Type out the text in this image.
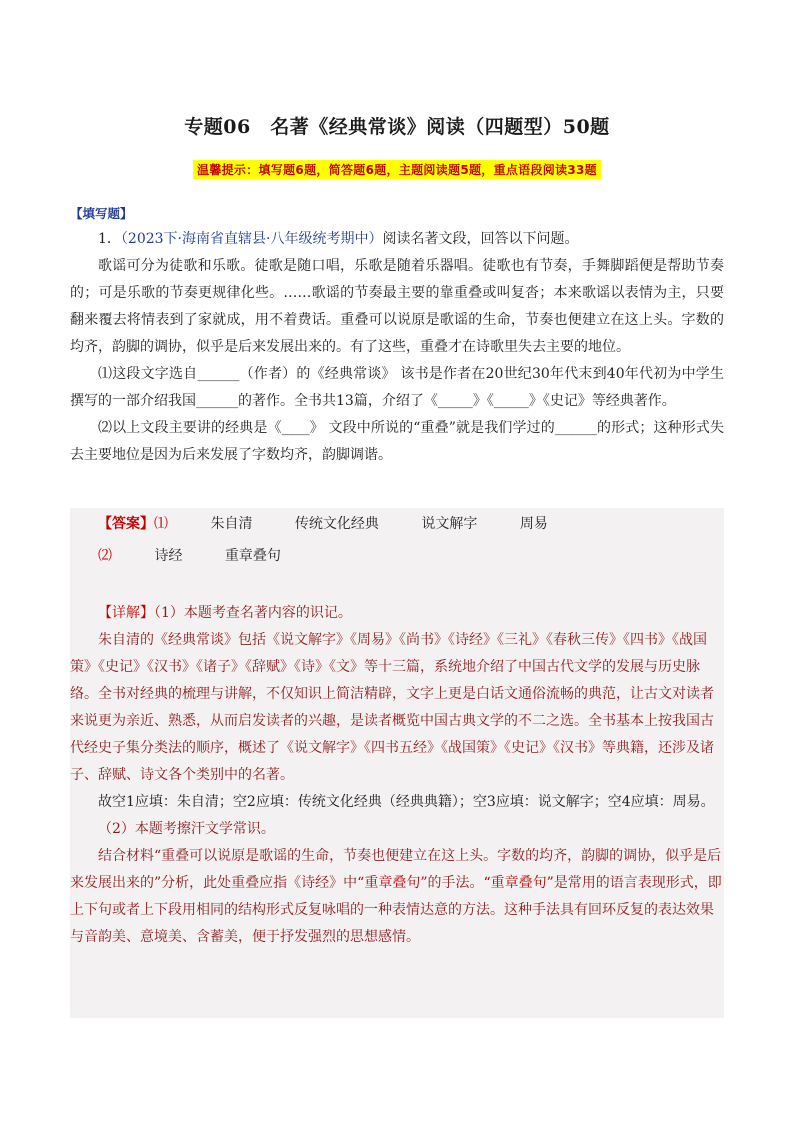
专题06　名著《经典常谈》阅读（四题型）50题
温馨提示：填写题6题，简答题6题，主题阅读题5题，重点语段阅读33题
【填写题】

1．（2023下·海南省直辖县·八年级统考期中）阅读名著文段，回答以下问题。

歌谣可分为徒歌和乐歌。徒歌是随口唱，乐歌是随着乐器唱。徒歌也有节奏，手舞脚蹈便是帮助节奏的；可是乐歌的节奏更规律化些。……歌谣的节奏最主要的靠重叠或叫复沓；本来歌谣以表情为主，只要翻来覆去将情表到了家就成，用不着费话。重叠可以说原是歌谣的生命，节奏也便建立在这上头。字数的均齐，韵脚的调协，似乎是后来发展出来的。有了这些，重叠才在诗歌里失去主要的地位。

⑴这段文字选自______（作者）的《经典常谈》 该书是作者在20世纪30年代末到40年代初为中学生撰写的一部介绍我国______的著作。全书共13篇，介绍了《_____》《_____》《史记》等经典著作。

⑵以上文段主要讲的经典是《____》 文段中所说的“重叠”就是我们学过的______的形式；这种形式失去主要地位是因为后来发展了字数均齐，韵脚调谐。

【答案】⑴	朱自清	传统文化经典	说文解字	周易
⑵	诗经	重章叠句

【详解】（1）本题考查名著内容的识记。

朱自清的《经典常谈》包括《说文解字》《周易》《尚书》《诗经》《三礼》《春秋三传》《四书》《战国策》《史记》《汉书》《诸子》《辞赋》《诗》《文》等十三篇，系统地介绍了中国古代文学的发展与历史脉络。全书对经典的梳理与讲解，不仅知识上简洁精辟，文字上更是白话文通俗流畅的典范，让古文对读者来说更为亲近、熟悉，从而启发读者的兴趣，是读者概览中国古典文学的不二之选。全书基本上按我国古代经史子集分类法的顺序，概述了《说文解字》《四书五经》《战国策》《史记》《汉书》等典籍，还涉及诸子、辞赋、诗文各个类别中的名著。

故空1应填：朱自清；空2应填：传统文化经典（经典典籍）；空3应填：说文解字；空4应填：周易。

（2）本题考擦汗文学常识。

结合材料“重叠可以说原是歌谣的生命，节奏也便建立在这上头。字数的均齐，韵脚的调协，似乎是后来发展出来的”分析，此处重叠应指《诗经》中“重章叠句”的手法。“重章叠句”是常用的语言表现形式，即上下句或者上下段用相同的结构形式反复咏唱的一种表情达意的方法。这种手法具有回环反复的表达效果与音韵美、意境美、含蓄美，便于抒发强烈的思想感情。
